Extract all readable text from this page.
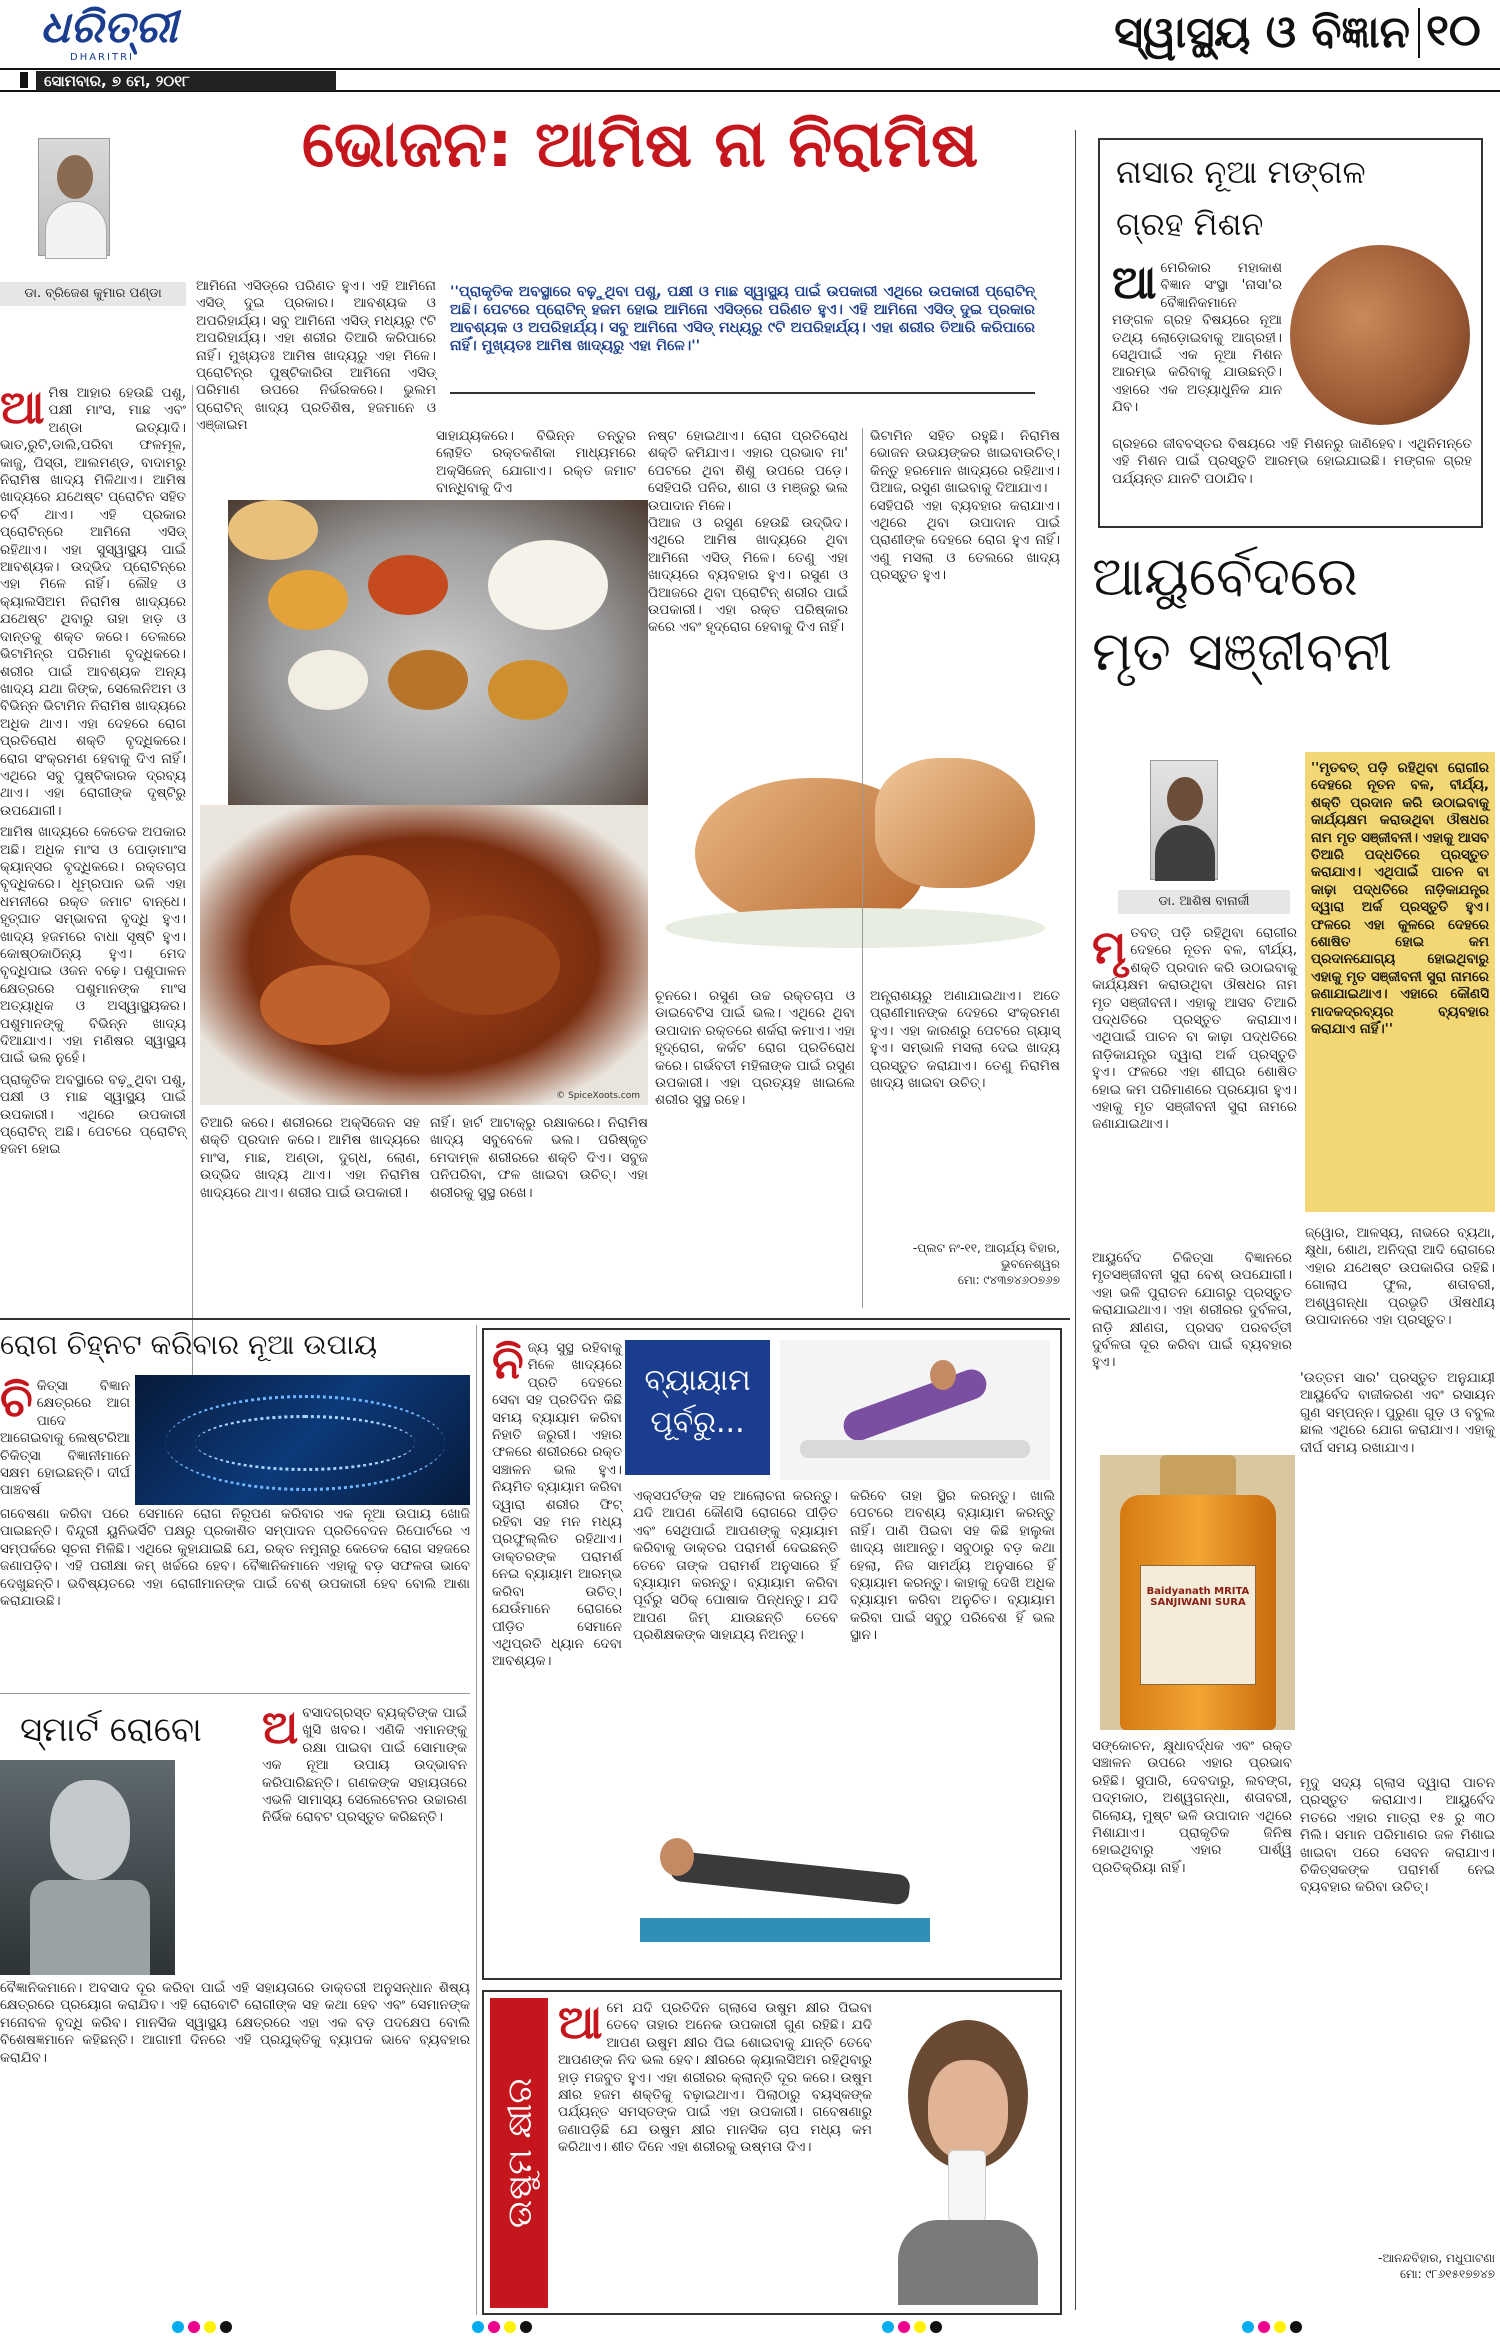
ଧରିତ୍ରୀ
DHARITRI	ସ୍ୱାସ୍ଥ୍ୟ ଓ ବିଜ୍ଞାନ ୧୦
ସୋମବାର, ୭ ମେ, ୨୦୧୮
ଡା. ବ୍ରିଜେଶ କୁମାର ପଣ୍ଡା
ଭୋଜନ: ଆମିଷ ନା ନିରାମିଷ
ଆମିନୋ ଏସିଡ୍‌ରେ ପରିଣତ ହୁଏ। ଏହି ଆମିନୋ ଏସିଡ୍ ଦୁଇ ପ୍ରକାର। ଆବଶ୍ୟକ ଓ ଅପରିହାର୍ଯ୍ୟ। ସବୁ ଆମିନୋ ଏସିଡ୍ ମଧ୍ୟରୁ ୯ଟି ଅପରିହାର୍ଯ୍ୟ। ଏହା ଶରୀର ତିଆରି କରିପାରେ ନାହିଁ। ମୁଖ୍ୟତଃ ଆମିଷ ଖାଦ୍ୟରୁ ଏହା ମିଳେ। ପ୍ରୋଟିନ୍ର ପୁଷ୍ଟିକାରିତା ଆମିନୋ ଏସିଡ୍ ପରିମାଣ ଉପରେ ନିର୍ଭରକରେ। ଭୁଲମ ପ୍ରୋଟିନ୍ ଖାଦ୍ୟ ପ୍ରତିଶିଷ, ହଜମାନେ ଓ ଏଞ୍ଜାଇମ
''ପ୍ରାକୃତିକ ଅବସ୍ଥାରେ ବଢ଼ୁଥିବା ପଶୁ, ପକ୍ଷୀ ଓ ମାଛ ସ୍ୱାସ୍ଥ୍ୟ ପାଇଁ ଉପକାରୀ ଏଥିରେ ଉପକାରୀ ପ୍ରୋଟିନ୍ ଅଛି। ପେଟରେ ପ୍ରୋଟିନ୍ ହଜମ ହୋଇ ଆମିନୋ ଏସିଡ୍‌ରେ ପରିଣତ ହୁଏ। ଏହି ଆମିନୋ ଏସିଡ୍ ଦୁଇ ପ୍ରକାର ଆବଶ୍ୟକ ଓ ଅପରିହାର୍ଯ୍ୟ। ସବୁ ଆମିନୋ ଏସିଡ୍ ମଧ୍ୟରୁ ୯ଟି ଅପରିହାର୍ଯ୍ୟ। ଏହା ଶରୀର ତିଆରି କରିପାରେ ନାହିଁ। ମୁଖ୍ୟତଃ ଆମିଷ ଖାଦ୍ୟରୁ ଏହା ମିଳେ।''
ଆ ମିଷ ଆହାର ହେଉଛି ପଶୁ, ପକ୍ଷୀ ମାଂସ, ମାଛ ଏବଂ ଅଣ୍ଡା ଇତ୍ୟାଦି। ଭାତ,ରୁଟି,ଡାଲି,ପରିବା ଫଳମୂଳ, କାଜୁ, ପିସ୍ତା, ଆଲମଣ୍ଡ, ବାଦାମରୁ ନିରାମିଷ ଖାଦ୍ୟ ମିଳିଥାଏ। ଆମିଷ ଖାଦ୍ୟରେ ଯଥେଷ୍ଟ ପ୍ରୋଟିନ ସହିତ ଚର୍ବି ଥାଏ। ଏହି ପ୍ରକାର ପ୍ରୋଟିନ୍‌ରେ ଆମିନୋ ଏସିଡ୍ ରହିଥାଏ। ଏହା ସୁସ୍ୱାସ୍ଥ୍ୟ ପାଇଁ ଆବଶ୍ୟକ। ଉଦ୍ଭିଦ ପ୍ରୋଟିନ୍‌ରେ ଏହା ମିଳେ ନାହିଁ। ଲୌହ ଓ କ୍ୟାଲସିଅମ ନିରାମିଷ ଖାଦ୍ୟରେ ଯଥେଷ୍ଟ ଥିବାରୁ ତାହା ହାଡ଼ ଓ ଦାନ୍ତକୁ ଶକ୍ତ କରେ। ତେଲରେ ଭିଟାମିନ୍‌ର ପରିମାଣ ବୃଦ୍ଧିକରେ। ଶରୀର ପାଇଁ ଆବଶ୍ୟକ ଅନ୍ୟ ଖାଦ୍ୟ ଯଥା ଜିଙ୍କ, ସେଲେନିଅମ ଓ ବିଭିନ୍ନ ଭିଟାମିନ ନିରାମିଷ ଖାଦ୍ୟରେ ଅଧିକ ଥାଏ। ଏହା ଦେହରେ ରୋଗ ପ୍ରତିରୋଧ ଶକ୍ତି ବୃଦ୍ଧିକରେ। ରୋଗ ସଂକ୍ରମଣ ହେବାକୁ ଦିଏ ନାହିଁ। ଏଥିରେ ସବୁ ପୁଷ୍ଟିକାରକ ଦ୍ରବ୍ୟ ଥାଏ। ଏହା ରୋଗୀଙ୍କ ଦୃଷ୍ଟିରୁ ଉପଯୋଗୀ।

ଆମିଷ ଖାଦ୍ୟରେ କେତେକ ଅପକାର ଅଛି। ଅଧିକ ମାଂସ ଓ ପୋଡ଼ାମାଂସ କ୍ୟାନ୍ସର ବୃଦ୍ଧିକରେ। ରକ୍ତଚାପ ବୃଦ୍ଧିକରେ। ଧୂମ୍ରପାନ ଭଳି ଏହା ଧମନୀରେ ରକ୍ତ ଜମାଟ ବାନ୍ଧେ। ହୃତ୍‌ଘାତ ସମ୍ଭାବନା ବୃଦ୍ଧି ହୁଏ। ଖାଦ୍ୟ ହଜମରେ ବାଧା ସୃଷ୍ଟି ହୁଏ। କୋଷ୍ଠକାଠିନ୍ୟ ହୁଏ। ମେଦ ବୃଦ୍ଧିପାଇ ଓଜନ ବଢ଼େ। ପଶୁପାଳନ କ୍ଷେତ୍ରରେ ପଶୁମାନଙ୍କ ମାଂସ ଅତ୍ୟାଧିକ ଓ ଅସ୍ୱାସ୍ଥ୍ୟକର। ପଶୁମାନଙ୍କୁ ବିଭିନ୍ନ ଖାଦ୍ୟ ଦିଆଯାଏ। ଏହା ମଣିଷର ସ୍ୱାସ୍ଥ୍ୟ ପାଇଁ ଭଲ ନୁହେଁ।

ପ୍ରାକୃତିକ ଅବସ୍ଥାରେ ବଢ଼ୁଥିବା ପଶୁ, ପକ୍ଷୀ ଓ ମାଛ ସ୍ୱାସ୍ଥ୍ୟ ପାଇଁ ଉପକାରୀ। ଏଥିରେ ଉପକାରୀ ପ୍ରୋଟିନ୍ ଅଛି। ପେଟରେ ପ୍ରୋଟିନ୍ ହଜମ ହୋଇ

© SpiceXoots.com
ସାହାଯ୍ୟକରେ। ବିଭିନ୍ନ ତନ୍ତୁର ଲୋହିତ ରକ୍ତକଣିକା ମାଧ୍ୟମରେ ଅକ୍ସିଜେନ୍ ଯୋଗାଏ। ରକ୍ତ ଜମାଟ ବାନ୍ଧିବାକୁ ଦିଏ
ନଷ୍ଟ ହୋଇଥାଏ। ରୋଗ ପ୍ରତିରୋଧ ଶକ୍ତି କମିଯାଏ। ଏହାର ପ୍ରଭାବ ମା' ପେଟରେ ଥିବା ଶିଶୁ ଉପରେ ପଡ଼େ। ସେହିପରି ପନିର, ଶାଗ ଓ ମଞ୍ଜରୁ ଭଲ ଉପାଦାନ ମିଳେ।
ପିଆଜ ଓ ରସୁଣ ହେଉଛି ଉଦ୍ଭିଦ। ଏଥିରେ ଆମିଷ ଖାଦ୍ୟରେ ଥିବା ଆମିନୋ ଏସିଡ୍ ମିଳେ। ତେଣୁ ଏହା ଖାଦ୍ୟରେ ବ୍ୟବହାର ହୁଏ। ରସୁଣ ଓ ପିଆଜରେ ଥିବା ପ୍ରୋଟିନ୍ ଶରୀର ପାଇଁ ଉପକାରୀ। ଏହା ରକ୍ତ ପରିଷ୍କାର କରେ ଏବଂ ହୃଦ୍‌ରୋଗ ହେବାକୁ ଦିଏ ନାହିଁ।
ଭିଟାମିନ ସହିତ ରହୁଛି। ନିରାମିଷ ଭୋଜନ ଉଭୟଙ୍କର ଖାଇବାଉଚିତ୍। କିନ୍ତୁ ହରମୋନ ଖାଦ୍ୟରେ ରହିଥାଏ। ପିଆଜ, ରସୁଣ ଖାଇବାକୁ ଦିଆଯାଏ।
ସେହିପରି ଏହା ବ୍ୟବହାର କରାଯାଏ। ଏଥିରେ ଥିବା ଉପାଦାନ ପାଇଁ ପ୍ରାଣୀଙ୍କ ଦେହରେ ରୋଗ ହୁଏ ନାହିଁ। ଏଣୁ ମସଲା ଓ ତେଲରେ ଖାଦ୍ୟ ପ୍ରସ୍ତୁତ ହୁଏ।
ଚୂନରେ। ରସୁଣ ଉଚ୍ଚ ରକ୍ତଚାପ ଓ ଡାଇବେଟିସ ପାଇଁ ଭଲ। ଏଥିରେ ଥିବା ଉପାଦାନ ରକ୍ତରେ ଶର୍କରା କମାଏ। ଏହା ହୃଦ୍‌ରୋଗ, କର୍କଟ ରୋଗ ପ୍ରତିରୋଧ କରେ। ଗର୍ଭବତୀ ମହିଳାଙ୍କ ପାଇଁ ରସୁଣ ଉପକାରୀ। ଏହା ପ୍ରତ୍ୟହ ଖାଇଲେ ଶରୀର ସୁସ୍ଥ ରହେ।
ଅନ୍ତ୍ରାଶୟରୁ ଅଣାଯାଇଥାଏ। ଅତେ ପ୍ରାଣୀମାନଙ୍କ ଦେହରେ ସଂକ୍ରମଣ ହୁଏ। ଏହା କାରଣରୁ ପେଟରେ ଗ୍ୟାସ୍ ହୁଏ। ସମ୍ଭାଳି ମସଲା ଦେଇ ଖାଦ୍ୟ ପ୍ରସ୍ତୁତ କରାଯାଏ। ତେଣୁ ନିରାମିଷ ଖାଦ୍ୟ ଖାଇବା ଉଚିତ୍।
-ପ୍ଲଟ ନଂ-୧୧, ଆଚାର୍ଯ୍ୟ ବିହାର, ଭୁବନେଶ୍ୱର
ମୋ: ୯୪୩୭୪୬୦୭୬୭
ତିଆରି କରେ। ଶରୀରରେ ଅକ୍ସିଜେନ ସହ ଶକ୍ତି ପ୍ରଦାନ କରେ। ଆମିଷ ଖାଦ୍ୟରେ ମାଂସ, ମାଛ, ଅଣ୍ଡା, ଦୁଗ୍ଧ, ଲୋଣ, ଉଦ୍ଭିଦ ଖାଦ୍ୟ ଥାଏ। ଏହା ନିରାମିଷ ଖାଦ୍ୟରେ ଥାଏ। ଶରୀର ପାଇଁ ଉପକାରୀ।
ନାହିଁ। ହାର୍ଟ ଆଟାକ୍ରୁ ରକ୍ଷାକରେ। ନିରାମିଷ ଖାଦ୍ୟ ସବୁବେଳେ ଭଲ। ପରିଷ୍କୃତ ମେଦାମ୍ଳ ଶରୀରରେ ଶକ୍ତି ଦିଏ। ସବୁଜ ପନିପରିବା, ଫଳ ଖାଇବା ଉଚିତ୍। ଏହା ଶରୀରକୁ ସୁସ୍ଥ ରଖେ।
ନାସାର ନୂଆ ମଙ୍ଗଳ
ଗ୍ରହ ମିଶନ
ଆମେରିକାର ମହାକାଶ ବିଜ୍ଞାନ ସଂସ୍ଥା 'ନାସା'ର ବୈଜ୍ଞାନିକମାନେ ମଙ୍ଗଳ ଗ୍ରହ ବିଷୟରେ ନୂଆ ତଥ୍ୟ ଲୋଡ଼ୋଇବାକୁ ଆଗ୍ରହୀ। ସେଥିପାଇଁ ଏକ ନୂଆ ମିଶନ ଆରମ୍ଭ କରିବାକୁ ଯାଉଛନ୍ତି। ଏହାରେ ଏକ ଅତ୍ୟାଧୁନିକ ଯାନ ଯିବ।
ଗ୍ରହରେ ଜୀବବସ୍ତର ବିଷୟରେ ଏହି ମିଶନରୁ ଜାଣିହେବ। ଏଥିନିମନ୍ତେ ଏହି ମିଶନ ପାଇଁ ପ୍ରସ୍ତୁତି ଆରମ୍ଭ ହୋଇଯାଇଛି। ମଙ୍ଗଳ ଗ୍ରହ ପର୍ଯ୍ୟନ୍ତ ଯାନଟି ପଠାଯିବ।
ଆୟୁର୍ବେଦରେ
ମୃତ ସଞ୍ଜୀବନୀ
ଡା. ଆଶିଷ ବାନାର୍ଜୀ
''ମୃତବତ୍ ପଡ଼ି ରହିଥିବା ରୋଗୀର ଦେହରେ ନୂତନ ବଳ, ବୀର୍ଯ୍ୟ, ଶକ୍ତି ପ୍ରଦାନ କରି ଉଠାଇବାକୁ କାର୍ଯ୍ୟକ୍ଷମ କରାଉଥିବା ଔଷଧର ନାମ ମୃତ ସଞ୍ଜୀବନୀ। ଏହାକୁ ଆସବ ତିଆରି ପଦ୍ଧତିରେ ପ୍ରସ୍ତୁତ କରାଯାଏ। ଏଥିପାଇଁ ପାଚନ ବା କାଢ଼ା ପଦ୍ଧତିରେ ନାଡ଼ିକାଯନ୍ତ୍ର ଦ୍ୱାରା ଅର୍କ ପ୍ରସ୍ତୁତି ହୁଏ। ଫଳରେ ଏହା କୁଳରେ ଦେହରେ ଶୋଷିତ ହୋଇ କମ ପ୍ରଦାନଯୋଗ୍ୟ ହୋଇଥିବାରୁ ଏହାକୁ ମୃତ ସଞ୍ଜୀବନୀ ସୁରା ନାମରେ ଜଣାଯାଇଥାଏ। ଏହାରେ କୌଣସି ମାଦକଦ୍ରବ୍ୟର ବ୍ୟବହାର କରାଯାଏ ନାହିଁ।''
ମୃତବତ୍ ପଡ଼ି ରହିଥିବା ରୋଗୀର ଦେହରେ ନୂତନ ବଳ, ବୀର୍ଯ୍ୟ, ଶକ୍ତି ପ୍ରଦାନ କରି ଉଠାଇବାକୁ କାର୍ଯ୍ୟକ୍ଷମ କରାଉଥିବା ଔଷଧର ନାମ ମୃତ ସଞ୍ଜୀବନୀ। ଏହାକୁ ଆସବ ତିଆରି ପଦ୍ଧତିରେ ପ୍ରସ୍ତୁତ କରାଯାଏ। ଏଥିପାଇଁ ପାଚନ ବା କାଢ଼ା ପଦ୍ଧତିରେ ନାଡ଼ିକାଯନ୍ତ୍ର ଦ୍ୱାରା ଅର୍କ ପ୍ରସ୍ତୁତି ହୁଏ। ଫଳରେ ଏହା ଶୀଘ୍ର ଶୋଷିତ ହୋଇ କମ ପରିମାଣରେ ପ୍ରୟୋଗ ହୁଏ। ଏହାକୁ ମୃତ ସଞ୍ଜୀବନୀ ସୁରା ନାମରେ ଜଣାଯାଇଥାଏ।
ଆୟୁର୍ବେଦ ଚିକିତ୍ସା ବିଜ୍ଞାନରେ ମୃତସଞ୍ଜୀବନୀ ସୁରା ବେଶ୍ ଉପଯୋଗୀ। ଏହା ଭଳି ପୁରାତନ ଯୋଗରୁ ପ୍ରସ୍ତୁତ କରାଯାଇଥାଏ। ଏହା ଶରୀରର ଦୁର୍ବଳତା, ନାଡ଼ି କ୍ଷୀଣତା, ପ୍ରସବ ପରବର୍ତ୍ତୀ ଦୁର୍ବଳତା ଦୂର କରିବା ପାଇଁ ବ୍ୟବହାର ହୁଏ।
ଜ୍ୱୋର, ଆଳସ୍ୟ, ନାଭରେ ବ୍ୟଥା, କ୍ଷୁଧା, ଶୋଥ, ଅନିଦ୍ରା ଆଦି ରୋଗରେ ଏହାର ଯଥେଷ୍ଟ ଉପକାରିତା ରହିଛି। ଗୋଲାପ ଫୁଲ, ଶତାବରୀ, ଅଶ୍ୱଗନ୍ଧା ପ୍ରଭୃତି ଔଷଧୀୟ ଉପାଦାନରେ ଏହା ପ୍ରସ୍ତୁତ।
'ଉତ୍ତମ ସାର' ପ୍ରସ୍ତୁତ ଅନୁଯାୟୀ ଆୟୁର୍ବେଦ ବାଜୀକରଣ ଏବଂ ରସାୟନ ଗୁଣ ସମ୍ପନ୍ନ। ପୁରୁଣା ଗୁଡ଼ ଓ ବବୁଲ ଛାଲ ଏଥିରେ ଯୋଗ କରାଯାଏ। ଏହାକୁ ଦୀର୍ଘ ସମୟ ରଖାଯାଏ।
Baidyanath MRITA SANJIWANI SURA
ସଙ୍କୋଚନ, କ୍ଷୁଧାବର୍ଦ୍ଧକ ଏବଂ ରକ୍ତ ସଞ୍ଚାଳନ ଉପରେ ଏହାର ପ୍ରଭାବ ରହିଛି। ସୁପାରି, ଦେବଦାରୁ, ଲବଙ୍ଗ, ପଦ୍ମକାଠ, ଅଶ୍ୱଗନ୍ଧା, ଶତାବରୀ, ଗିଲୋୟ, ମୁଷ୍ଟ ଭଳି ଉପାଦାନ ଏଥିରେ ମିଶାଯାଏ। ପ୍ରାକୃତିକ ଜିନିଷ ହୋଇଥିବାରୁ ଏହାର ପାର୍ଶ୍ୱ ପ୍ରତିକ୍ରିୟା ନାହିଁ।
ମୃଦୁ ସଦ୍ୟ ଗ୍ଲାସ ଦ୍ୱାରା ପାଚନ ପ୍ରସ୍ତୁତ କରାଯାଏ। ଆୟୁର୍ବେଦ ମତରେ ଏହାର ମାତ୍ରା ୧୫ ରୁ ୩୦ ମିଲି। ସମାନ ପରିମାଣର ଜଳ ମିଶାଇ ଖାଇବା ପରେ ସେବନ କରାଯାଏ। ଚିକିତ୍ସକଙ୍କ ପରାମର୍ଶ ନେଇ ବ୍ୟବହାର କରିବା ଉଚିତ୍।
-ଆନନ୍ଦବିହାର, ମଧୁପାଟଣା
ମୋ: ୯୮୬୧୫୧୭୭୪୭
ରୋଗ ଚିହ୍ନଟ କରିବାର ନୂଆ ଉପାୟ
ଚିକିତ୍ସା ବିଜ୍ଞାନ କ୍ଷେତ୍ରରେ ଆଗ ପାଦେ ଆଗେଇବାକୁ ଲେଷ୍ଟରିଆ ଚିକିତ୍ସା ବିଜ୍ଞାନୀମାନେ ସକ୍ଷମ ହୋଇଛନ୍ତି। ଦୀର୍ଘ ପାଞ୍ଚବର୍ଷ
ଗବେଷଣା କରିବା ପରେ ସେମାନେ ରୋଗ ନିରୂପଣ କରିବାର ଏକ ନୂଆ ଉପାୟ ଖୋଜି ପାଇଛନ୍ତି। ବିନ୍ଦୁରୀ ୟୁନିଭର୍ସିଟି ପକ୍ଷରୁ ପ୍ରକାଶିତ ସମ୍ପାଦନ ପ୍ରତିବେଦନ ରିପୋର୍ଟରେ ଏ ସମ୍ପର୍କରେ ସୂଚନା ମିଳିଛି। ଏଥିରେ କୁହାଯାଇଛି ଯେ, ରକ୍ତ ନମୁନାରୁ କେତେକ ରୋଗ ସହଜରେ ଜଣାପଡ଼ିବ। ଏହି ପରୀକ୍ଷା କମ୍ ଖର୍ଚ୍ଚରେ ହେବ। ବୈଜ୍ଞାନିକମାନେ ଏହାକୁ ବଡ଼ ସଫଳତା ଭାବେ ଦେଖୁଛନ୍ତି। ଭବିଷ୍ୟତରେ ଏହା ରୋଗୀମାନଙ୍କ ପାଇଁ ବେଶ୍ ଉପକାରୀ ହେବ ବୋଲି ଆଶା କରାଯାଉଛି।
ସ୍ମାର୍ଟ ରୋବୋ	ଅବସାଦଗ୍ରସ୍ତ ବ୍ୟକ୍ତିଙ୍କ ପାଇଁ ଖୁସି ଖବର। ଏଣିକି ଏମାନଙ୍କୁ ରକ୍ଷା ପାଇବା ପାଇଁ ସୋମାଙ୍କ ଏକ ନୂଆ ଉପାୟ ଉଦ୍ଭାବନ କରିପାରିଛନ୍ତି। ଗଣକଙ୍କ ସହାୟତାରେ ଏଭଳି ସାମାସ୍ୟ ସେଲେଟେନର ଉଚ୍ଚାରଣ ନିର୍ଭିକ ରୋବଟ ପ୍ରସ୍ତୁତ କରିଛନ୍ତି।
ବୈଜ୍ଞାନିକମାନେ। ଅବସାଦ ଦୂର କରିବା ପାଇଁ ଏହି ସହାୟତାରେ ଡାକ୍ତରୀ ଅନୁସନ୍ଧାନ ଶିଷ୍ୟ କ୍ଷେତ୍ରରେ ପ୍ରୟୋଗ କରାଯିବ। ଏହି ରୋବୋଟି ରୋଗୀଙ୍କ ସହ କଥା ହେବ ଏବଂ ସେମାନଙ୍କ ମନୋବଳ ବୃଦ୍ଧି କରିବ। ମାନସିକ ସ୍ୱାସ୍ଥ୍ୟ କ୍ଷେତ୍ରରେ ଏହା ଏକ ବଡ଼ ପଦକ୍ଷେପ ବୋଲି ବିଶେଷଜ୍ଞମାନେ କହିଛନ୍ତି। ଆଗାମୀ ଦିନରେ ଏହି ପ୍ରଯୁକ୍ତିକୁ ବ୍ୟାପକ ଭାବେ ବ୍ୟବହାର କରାଯିବ।
ବ୍ୟାୟାମ
ପୂର୍ବରୁ...
ନିଜ୍ୟ ସୁସ୍ଥ ରହିବାକୁ ମିଳେ ଖାଦ୍ୟରେ ପ୍ରତି ଦେହରେ ସେବା ସହ ପ୍ରତିଦିନ କିଛି ସମୟ ବ୍ୟାୟାମ କରିବା ନିହାତି ଜରୁରୀ। ଏହାର ଫଳରେ ଶରୀରରେ ରକ୍ତ ସଞ୍ଚାଳନ ଭଲ ହୁଏ। ନିୟମିତ ବ୍ୟାୟାମ କରିବା ଦ୍ୱାରା ଶରୀର ଫିଟ୍ ରହିବା ସହ ମନ ମଧ୍ୟ ପ୍ରଫୁଲ୍ଲିତ ରହିଥାଏ। ଡାକ୍ତରଙ୍କ ପରାମର୍ଶ ନେଇ ବ୍ୟାୟାମ ଆରମ୍ଭ କରିବା ଉଚିତ୍। ଯେଉଁମାନେ ରୋଗରେ ପୀଡ଼ିତ ସେମାନେ ଏଥିପ୍ରତି ଧ୍ୟାନ ଦେବା ଆବଶ୍ୟକ।
ଏକ୍ସପର୍ଟଙ୍କ ସହ ଆଲୋଚନା କରନ୍ତୁ। ଯଦି ଆପଣ କୌଣସି ରୋଗରେ ପୀଡ଼ିତ ଏବଂ ସେଥିପାଇଁ ଆପଣଙ୍କୁ ବ୍ୟାୟାମ କରିବାକୁ ଡାକ୍ତର ପରାମର୍ଶ ଦେଇଛନ୍ତି ତେବେ ତାଙ୍କ ପରାମର୍ଶ ଅନୁସାରେ ହିଁ ବ୍ୟାୟାମ କରନ୍ତୁ। ବ୍ୟାୟାମ କରିବା ପୂର୍ବରୁ ସଠିକ୍ ପୋଷାକ ପିନ୍ଧନ୍ତୁ। ଯଦି ଆପଣ ଜିମ୍ ଯାଉଛନ୍ତି ତେବେ ପ୍ରଶିକ୍ଷକଙ୍କ ସାହାଯ୍ୟ ନିଅନ୍ତୁ।
କରିବେ ତାହା ସ୍ଥିର କରନ୍ତୁ। ଖାଲି ପେଟରେ ଅବଶ୍ୟ ବ୍ୟାୟାମ କରନ୍ତୁ ନାହିଁ। ପାଣି ପିଇବା ସହ କିଛି ହାଲୁକା ଖାଦ୍ୟ ଖାଆନ୍ତୁ। ସବୁଠାରୁ ବଡ଼ କଥା ହେଲା, ନିଜ ସାମର୍ଥ୍ୟ ଅନୁସାରେ ହିଁ ବ୍ୟାୟାମ କରନ୍ତୁ। କାହାକୁ ଦେଖି ଅଧିକ ବ୍ୟାୟାମ କରିବା ଅନୁଚିତ। ବ୍ୟାୟାମ କରିବା ପାଇଁ ସବୁଠୁ ପରିବେଶ ହିଁ ଭଲ ସ୍ଥାନ।
ଉଷୁମ କ୍ଷୀର
ଆମେ ଯଦି ପ୍ରତିଦିନ ଗ୍ଲାସେ ଉଷୁମ କ୍ଷୀର ପିଇବା ତେବେ ତାହାର ଅନେକ ଉପକାରୀ ଗୁଣ ରହିଛି। ଯଦି ଆପଣ ଉଷୁମ କ୍ଷୀର ପିଇ ଶୋଇବାକୁ ଯାନ୍ତି ତେବେ ଆପଣଙ୍କ ନିଦ ଭଲ ହେବ। କ୍ଷୀରରେ କ୍ୟାଲସିଅମ ରହିଥିବାରୁ ହାଡ଼ ମଜବୁତ ହୁଏ। ଏହା ଶରୀରର କ୍ଲାନ୍ତି ଦୂର କରେ। ଉଷୁମ କ୍ଷୀର ହଜମ ଶକ୍ତିକୁ ବଢ଼ାଇଥାଏ। ପିଲାଠାରୁ ବୟସ୍କଙ୍କ ପର୍ଯ୍ୟନ୍ତ ସମସ୍ତଙ୍କ ପାଇଁ ଏହା ଉପକାରୀ। ଗବେଷଣାରୁ ଜଣାପଡ଼ିଛି ଯେ ଉଷୁମ କ୍ଷୀର ମାନସିକ ଚାପ ମଧ୍ୟ କମ କରିଥାଏ। ଶୀତ ଦିନେ ଏହା ଶରୀରକୁ ଉଷ୍ମତା ଦିଏ।
